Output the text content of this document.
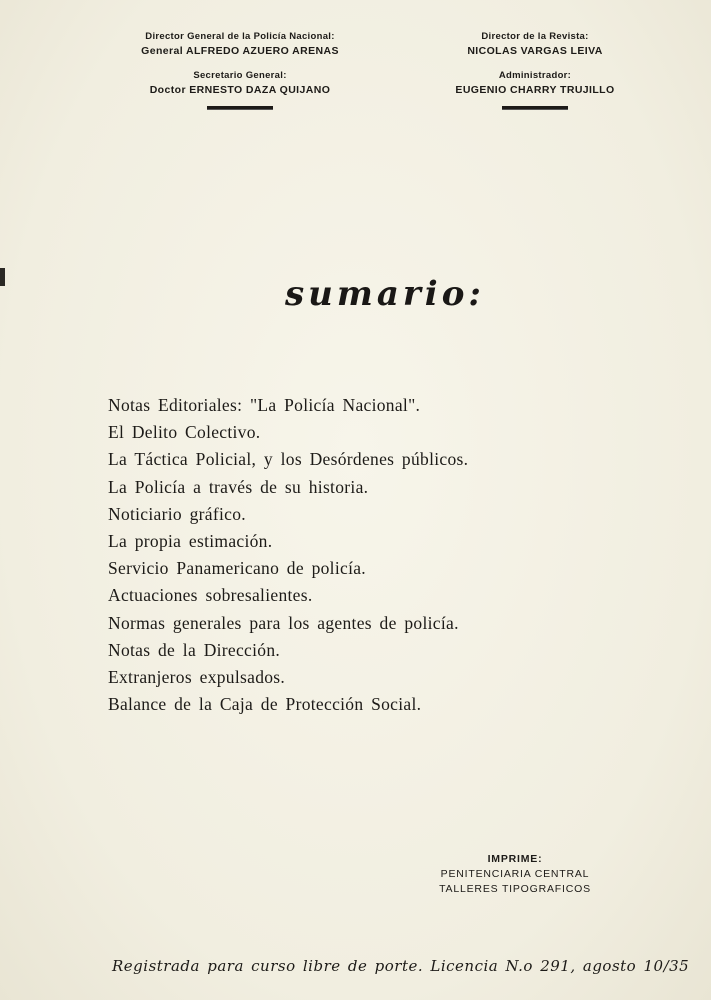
Director General de la Policía Nacional:
General ALFREDO AZUERO ARENAS
Secretario General:
Doctor ERNESTO DAZA QUIJANO
Director de la Revista:
NICOLAS VARGAS LEIVA
Administrador:
EUGENIO CHARRY TRUJILLO
sumario:
Notas Editoriales: "La Policía Nacional".
El Delito Colectivo.
La Táctica Policial, y los Desórdenes públicos.
La Policía a través de su historia.
Noticiario gráfico.
La propia estimación.
Servicio Panamericano de policía.
Actuaciones sobresalientes.
Normas generales para los agentes de policía.
Notas de la Dirección.
Extranjeros expulsados.
Balance de la Caja de Protección Social.
IMPRIME:
PENITENCIARIA CENTRAL
TALLERES TIPOGRAFICOS
Registrada para curso libre de porte. Licencia N.o 291, agosto 10/35
